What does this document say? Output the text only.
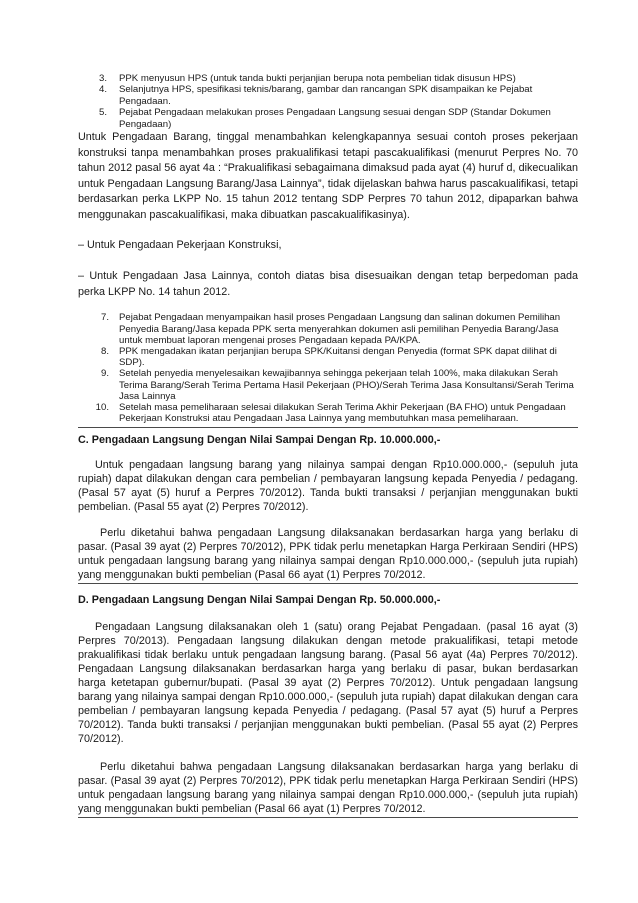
3.	PPK menyusun HPS (untuk tanda bukti perjanjian berupa nota pembelian tidak disusun HPS)
4.	Selanjutnya HPS, spesifikasi teknis/barang, gambar dan rancangan SPK disampaikan ke Pejabat Pengadaan.
5.	Pejabat Pengadaan melakukan proses Pengadaan Langsung sesuai dengan SDP (Standar Dokumen Pengadaan)

Untuk Pengadaan Barang, tinggal menambahkan kelengkapannya sesuai contoh proses pekerjaan konstruksi tanpa menambahkan proses prakualifikasi tetapi pascakualifikasi (menurut Perpres No. 70 tahun 2012 pasal 56 ayat 4a : “Prakualifikasi sebagaimana dimaksud pada ayat (4) huruf d, dikecualikan untuk Pengadaan Langsung Barang/Jasa Lainnya”, tidak dijelaskan bahwa harus pascakualifikasi, tetapi berdasarkan perka LKPP No. 15 tahun 2012 tentang SDP Perpres 70 tahun 2012, dipaparkan bahwa menggunakan pascakualifikasi, maka dibuatkan pascakualifikasinya).

– Untuk Pengadaan Pekerjaan Konstruksi,

– Untuk Pengadaan Jasa Lainnya, contoh diatas bisa disesuaikan dengan tetap berpedoman pada perka LKPP No. 14 tahun 2012.

7.	Pejabat Pengadaan menyampaikan hasil proses Pengadaan Langsung dan salinan dokumen Pemilihan Penyedia Barang/Jasa kepada PPK serta menyerahkan dokumen asli pemilihan Penyedia Barang/Jasa untuk membuat laporan mengenai proses Pengadaan kepada PA/KPA.
8.	PPK mengadakan ikatan perjanjian berupa SPK/Kuitansi dengan Penyedia (format SPK dapat dilihat di SDP).
9.	Setelah penyedia menyelesaikan kewajibannya sehingga pekerjaan telah 100%, maka dilakukan Serah Terima Barang/Serah Terima Pertama Hasil Pekerjaan (PHO)/Serah Terima Jasa Konsultansi/Serah Terima Jasa Lainnya
10.	Setelah masa pemeliharaan selesai dilakukan Serah Terima Akhir Pekerjaan (BA FHO) untuk Pengadaan Pekerjaan Konstruksi atau Pengadaan Jasa Lainnya yang membutuhkan masa pemeliharaan.

C. Pengadaan Langsung Dengan Nilai Sampai Dengan Rp. 10.000.000,-

Untuk pengadaan langsung barang yang nilainya sampai dengan Rp10.000.000,- (sepuluh juta rupiah) dapat dilakukan dengan cara pembelian / pembayaran langsung kepada Penyedia / pedagang. (Pasal 57 ayat (5) huruf a Perpres 70/2012). Tanda bukti transaksi / perjanjian menggunakan bukti pembelian. (Pasal 55 ayat (2) Perpres 70/2012).

Perlu diketahui bahwa pengadaan Langsung dilaksanakan berdasarkan harga yang berlaku di pasar. (Pasal 39 ayat (2) Perpres 70/2012), PPK tidak perlu menetapkan Harga Perkiraan Sendiri (HPS) untuk pengadaan langsung barang yang nilainya sampai dengan Rp10.000.000,- (sepuluh juta rupiah) yang menggunakan bukti pembelian (Pasal 66 ayat (1) Perpres 70/2012.

D. Pengadaan Langsung Dengan Nilai Sampai Dengan Rp. 50.000.000,-

Pengadaan Langsung dilaksanakan oleh 1 (satu) orang Pejabat Pengadaan. (pasal 16 ayat (3) Perpres 70/2013). Pengadaan langsung dilakukan dengan metode prakualifikasi, tetapi metode prakualifikasi tidak berlaku untuk pengadaan langsung barang. (Pasal 56 ayat (4a) Perpres 70/2012). Pengadaan Langsung dilaksanakan berdasarkan harga yang berlaku di pasar, bukan berdasarkan harga ketetapan gubernur/bupati. (Pasal 39 ayat (2) Perpres 70/2012). Untuk pengadaan langsung barang yang nilainya sampai dengan Rp10.000.000,- (sepuluh juta rupiah) dapat dilakukan dengan cara pembelian / pembayaran langsung kepada Penyedia / pedagang. (Pasal 57 ayat (5) huruf a Perpres 70/2012). Tanda bukti transaksi / perjanjian menggunakan bukti pembelian. (Pasal 55 ayat (2) Perpres 70/2012).

Perlu diketahui bahwa pengadaan Langsung dilaksanakan berdasarkan harga yang berlaku di pasar. (Pasal 39 ayat (2) Perpres 70/2012), PPK tidak perlu menetapkan Harga Perkiraan Sendiri (HPS) untuk pengadaan langsung barang yang nilainya sampai dengan Rp10.000.000,- (sepuluh juta rupiah) yang menggunakan bukti pembelian (Pasal 66 ayat (1) Perpres 70/2012.
